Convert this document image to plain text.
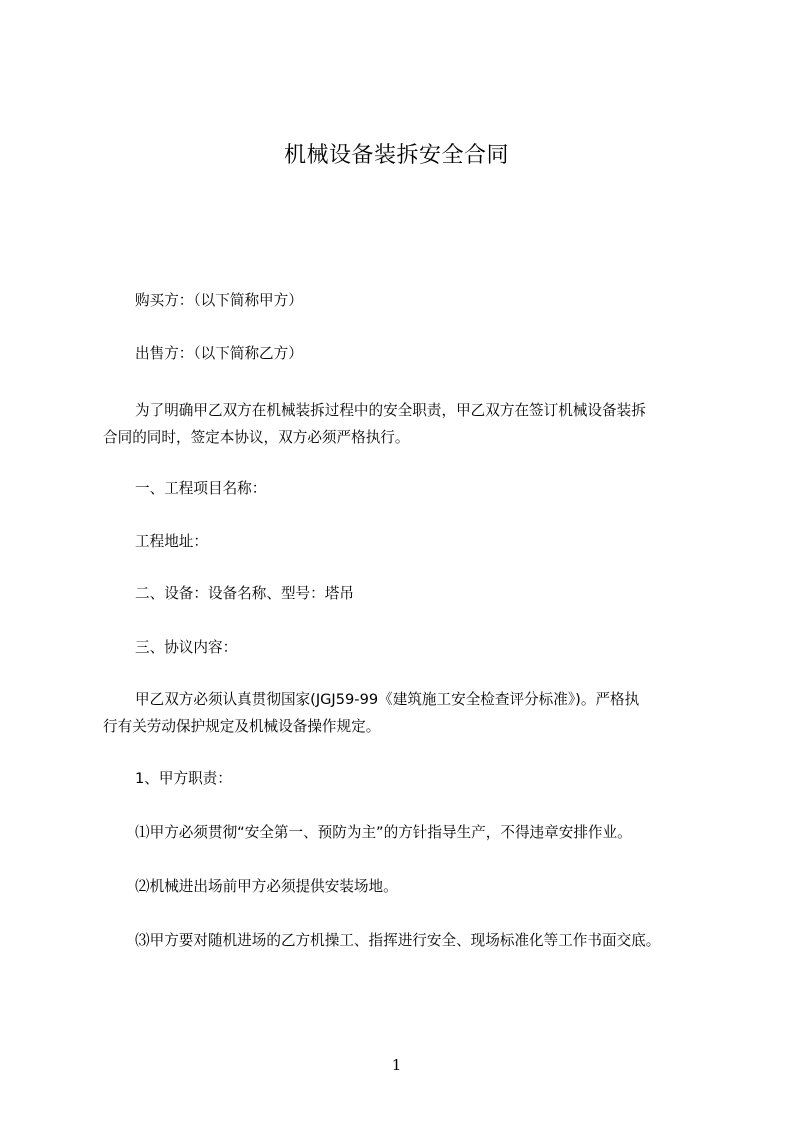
机械设备装拆安全合同
购买方：（以下简称甲方）
出售方：（以下简称乙方）
为了明确甲乙双方在机械装拆过程中的安全职责，甲乙双方在签订机械设备装拆
合同的同时，签定本协议，双方必须严格执行。
一、工程项目名称：
工程地址：
二、设备：设备名称、型号：塔吊
三、协议内容：
甲乙双方必须认真贯彻国家(JGJ59-99《建筑施工安全检查评分标准》)。严格执
行有关劳动保护规定及机械设备操作规定。
1、甲方职责：
⑴甲方必须贯彻“安全第一、预防为主”的方针指导生产，不得违章安排作业。
⑵机械进出场前甲方必须提供安装场地。
⑶甲方要对随机进场的乙方机操工、指挥进行安全、现场标准化等工作书面交底。
1
